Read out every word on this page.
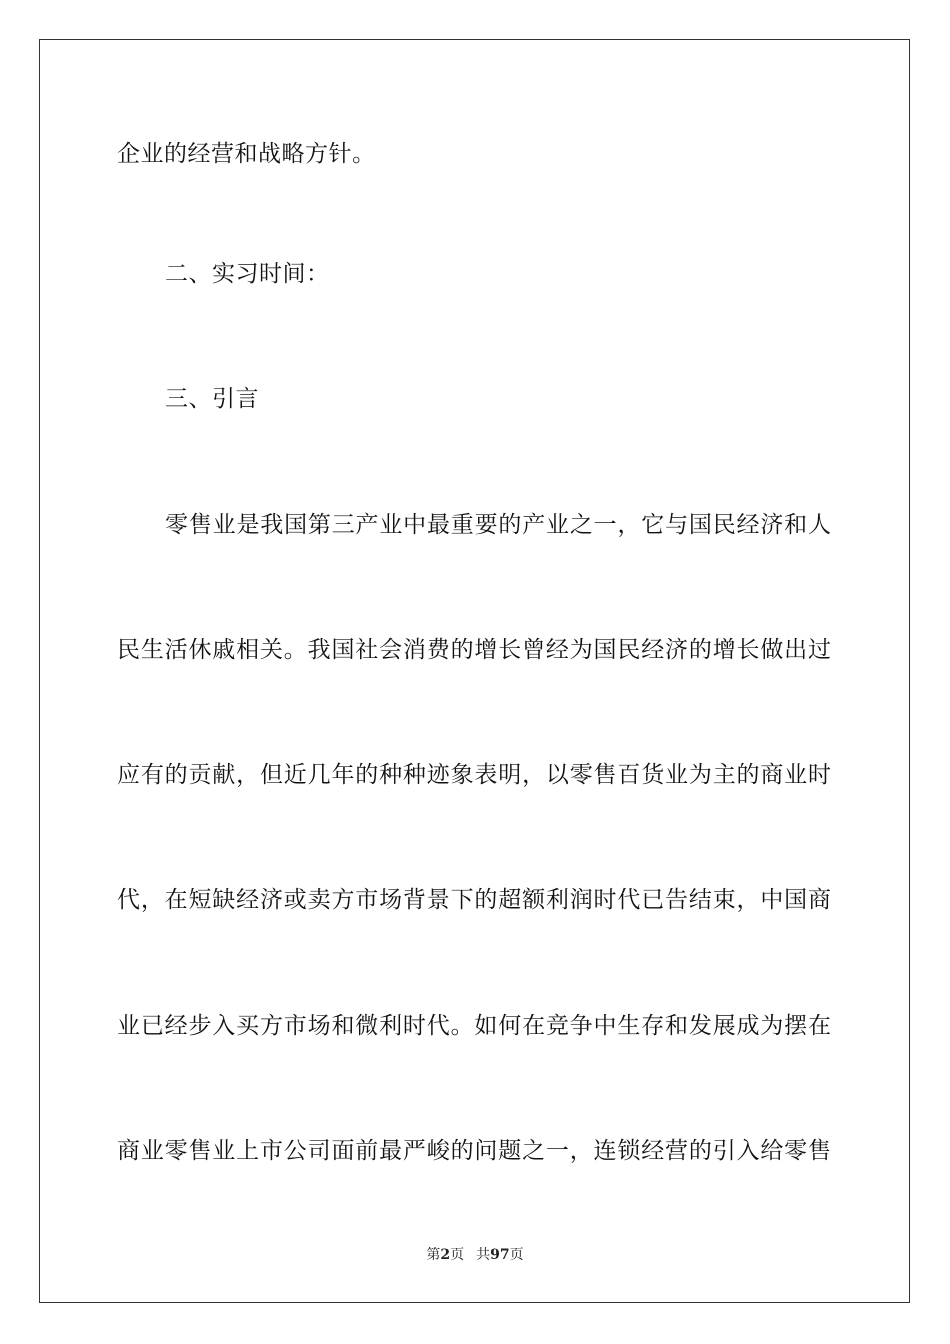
企业的经营和战略方针。
二、实习时间：
三、引言
零售业是我国第三产业中最重要的产业之一，它与国民经济和人
民生活休戚相关。我国社会消费的增长曾经为国民经济的增长做出过
应有的贡献，但近几年的种种迹象表明，以零售百货业为主的商业时
代，在短缺经济或卖方市场背景下的超额利润时代已告结束，中国商
业已经步入买方市场和微利时代。如何在竞争中生存和发展成为摆在
商业零售业上市公司面前最严峻的问题之一，连锁经营的引入给零售
第2页 共97页
